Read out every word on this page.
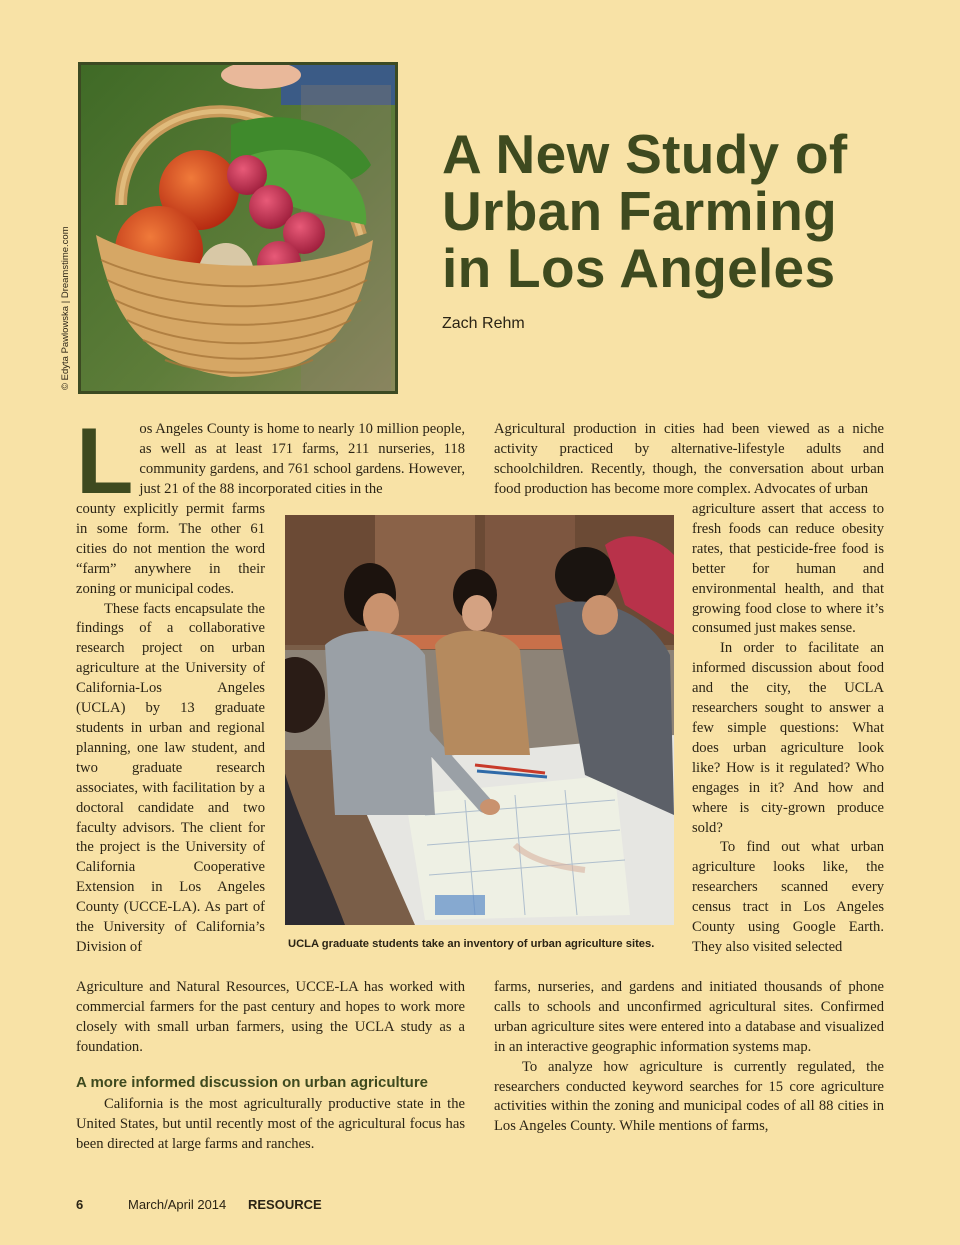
© Edyta Pawlowska | Dreamstime.com
A New Study of
Urban Farming
in Los Angeles
Zach Rehm
L os Angeles County is home to nearly 10 million people, as well as at least 171 farms, 211 nurseries, 118 community gardens, and 761 school gardens. However, just 21 of the 88 incorporated cities in the

county explicitly permit farms in some form. The other 61 cities do not mention the word “farm” anywhere in their zoning or municipal codes.

These facts encapsulate the findings of a collaborative research project on urban agriculture at the University of California-Los Angeles (UCLA) by 13 graduate students in urban and regional planning, one law student, and two graduate research associates, with facilitation by a doctoral candidate and two faculty advisors. The client for the project is the University of California Cooperative Extension in Los Angeles County (UCCE-LA). As part of the University of California’s Division of

Agriculture and Natural Resources, UCCE-LA has worked with commercial farmers for the past century and hopes to work more closely with small urban farmers, using the UCLA study as a foundation.

A more informed discussion on urban agriculture

California is the most agriculturally productive state in the United States, but until recently most of the agricultural focus has been directed at large farms and ranches.

Agricultural production in cities had been viewed as a niche activity practiced by alternative-lifestyle adults and schoolchildren. Recently, though, the conversation about urban food production has become more complex. Advocates of urban

agriculture assert that access to fresh foods can reduce obesity rates, that pesticide-free food is better for human and environmental health, and that growing food close to where it’s consumed just makes sense.

In order to facilitate an informed discussion about food and the city, the UCLA researchers sought to answer a few simple questions: What does urban agriculture look like? How is it regulated? Who engages in it? And how and where is city-grown produce sold?

To find out what urban agriculture looks like, the researchers scanned every census tract in Los Angeles County using Google Earth. They also visited selected

farms, nurseries, and gardens and initiated thousands of phone calls to schools and unconfirmed agricultural sites. Confirmed urban agriculture sites were entered into a database and visualized in an interactive geographic information systems map.

To analyze how agriculture is currently regulated, the researchers conducted keyword searches for 15 core agriculture activities within the zoning and municipal codes of all 88 cities in Los Angeles County. While mentions of farms,

UCLA graduate students take an inventory of urban agriculture sites.
6	March/April 2014 RESOURCE
